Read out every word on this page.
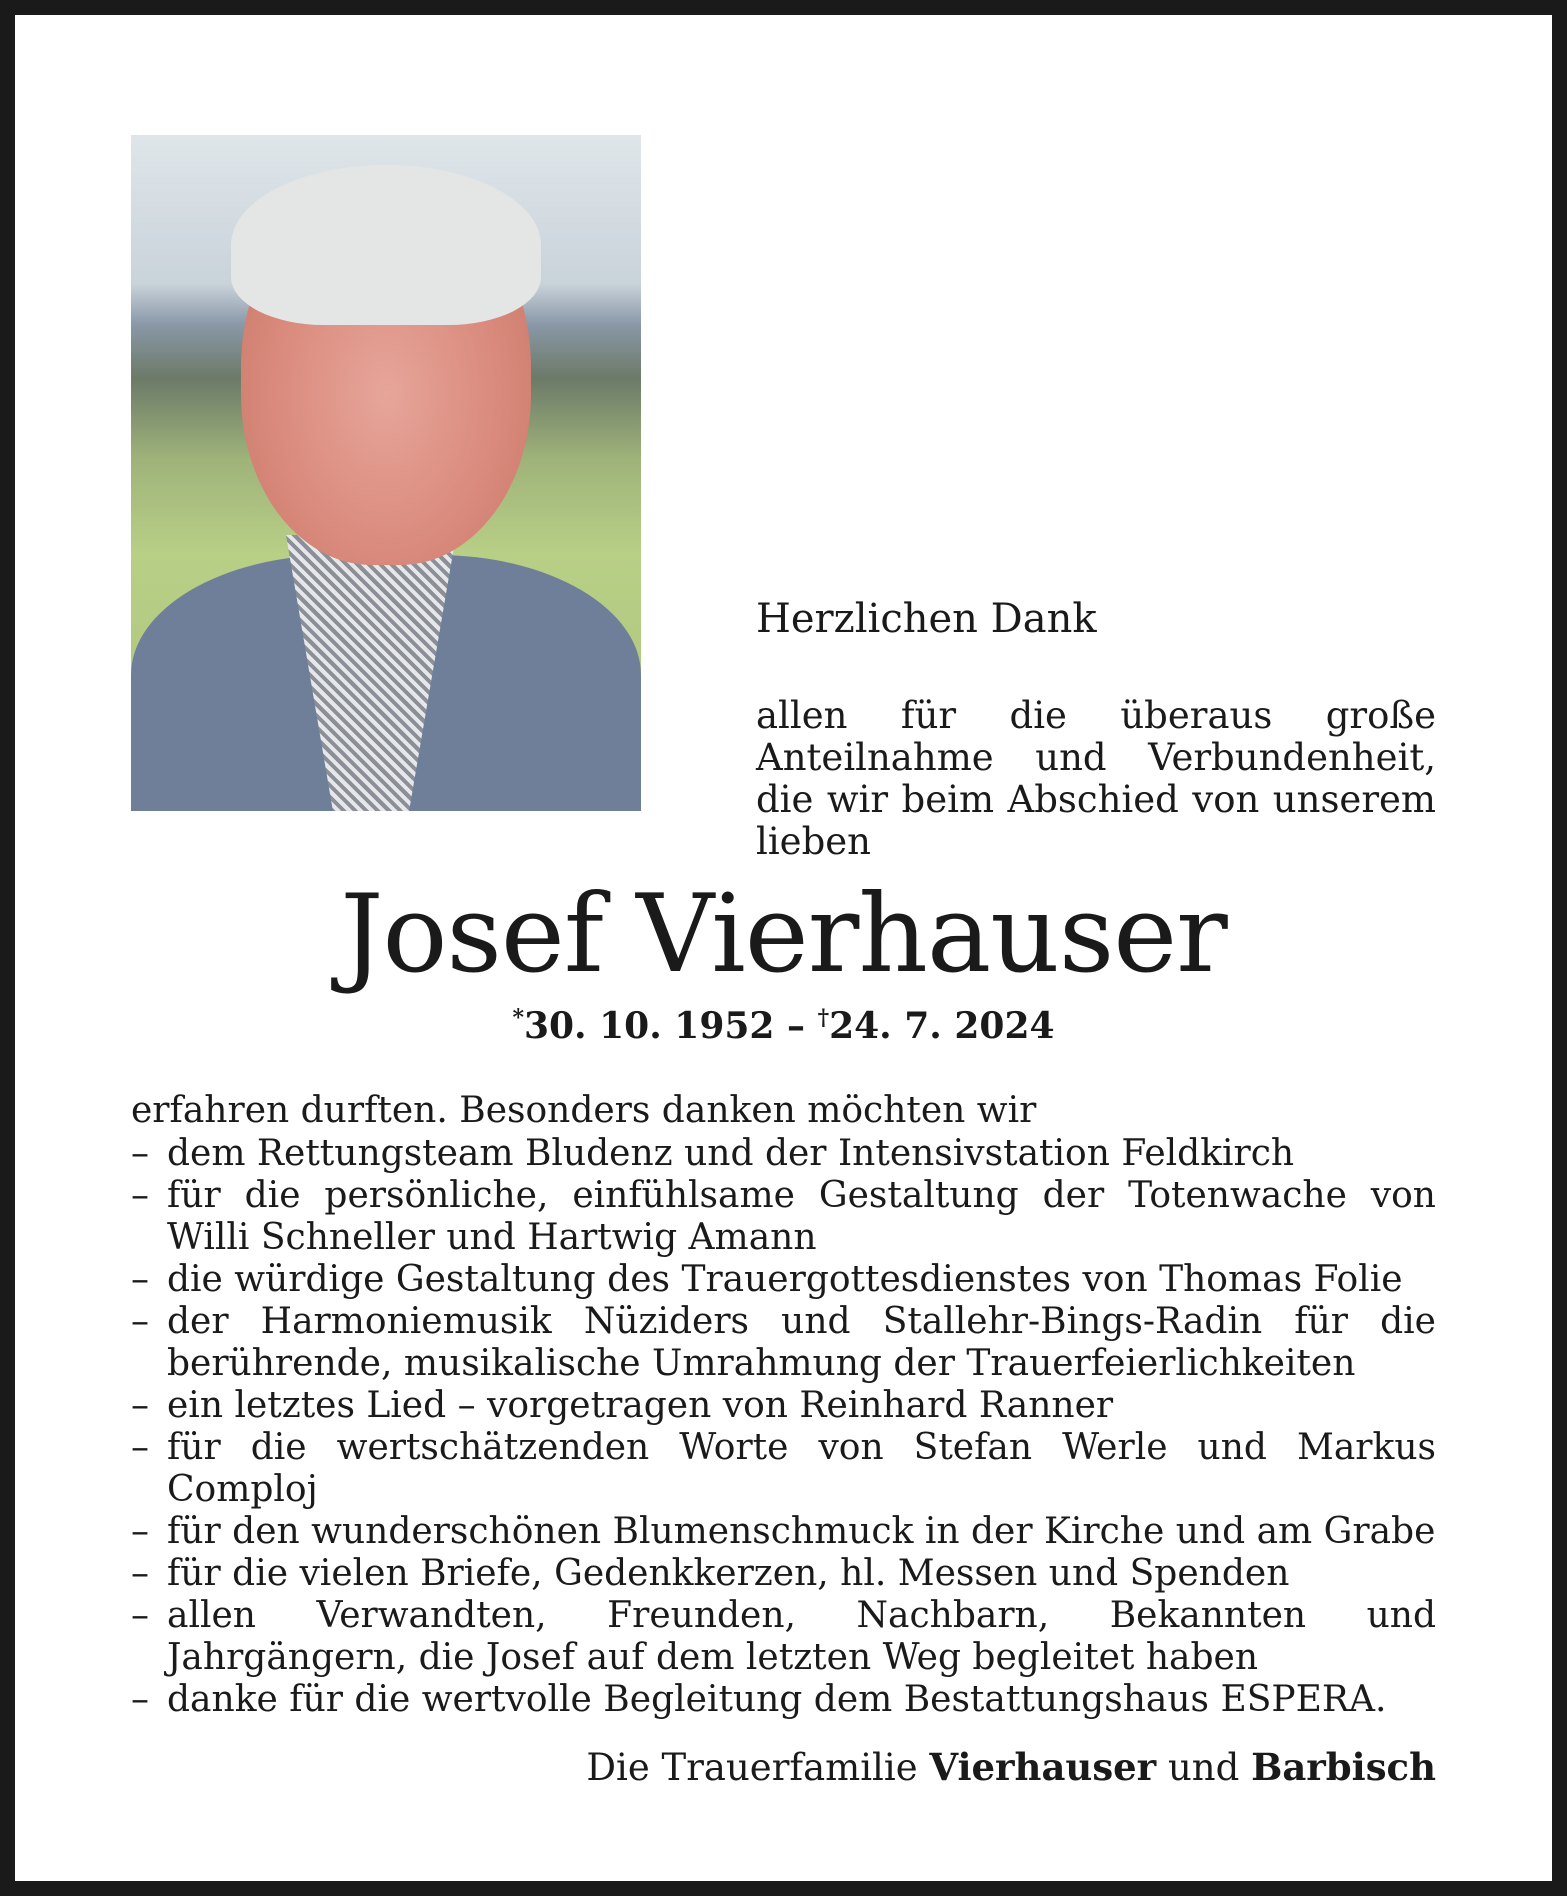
Herzlichen Dank
allen für die überaus große Anteilnahme und Verbundenheit, die wir beim Abschied von unserem lieben
Josef Vierhauser
*30. 10. 1952 – †24. 7. 2024
erfahren durften. Besonders danken möchten wir
– dem Rettungsteam Bludenz und der Intensivstation Feldkirch
– für die persönliche, einfühlsame Gestaltung der Totenwache von Willi Schneller und Hartwig Amann
– die würdige Gestaltung des Trauergottesdienstes von Thomas Folie
– der Harmoniemusik Nüziders und Stallehr-Bings-Radin für die berührende, musikalische Umrahmung der Trauerfeierlichkeiten
– ein letztes Lied – vorgetragen von Reinhard Ranner
– für die wertschätzenden Worte von Stefan Werle und Markus Comploj
– für den wunderschönen Blumenschmuck in der Kirche und am Grabe
– für die vielen Briefe, Gedenkkerzen, hl. Messen und Spenden
– allen Verwandten, Freunden, Nachbarn, Bekannten und Jahrgängern, die Josef auf dem letzten Weg begleitet haben
– danke für die wertvolle Begleitung dem Bestattungshaus ESPERA.
Die Trauerfamilie Vierhauser und Barbisch
